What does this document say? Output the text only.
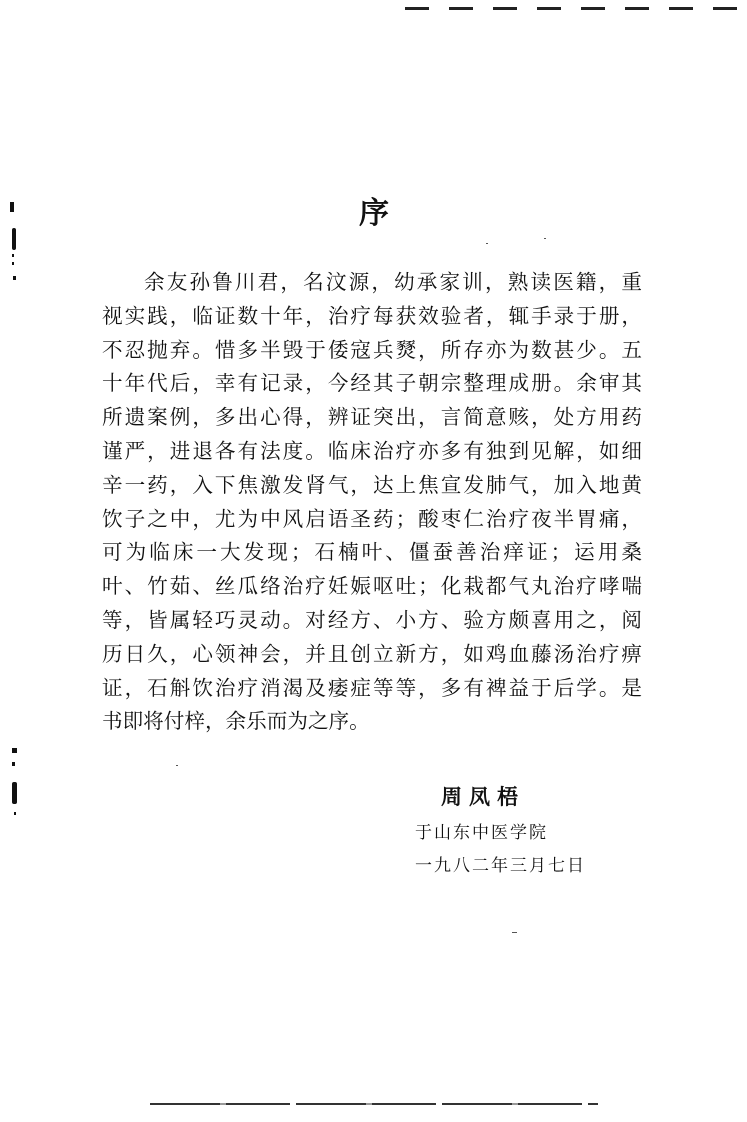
序
余友孙鲁川君，名汶源，幼承家训，熟读医籍，重
视实践，临证数十年，治疗每获效验者，辄手录于册，
不忍抛弃。惜多半毁于倭寇兵燹，所存亦为数甚少。五
十年代后，幸有记录，今经其子朝宗整理成册。余审其
所遗案例，多出心得，辨证突出，言简意赅，处方用药
谨严，进退各有法度。临床治疗亦多有独到见解，如细
辛一药，入下焦激发肾气，达上焦宣发肺气，加入地黄
饮子之中，尤为中风启语圣药；酸枣仁治疗夜半胃痛，
可为临床一大发现；石楠叶、僵蚕善治痒证；运用桑
叶、竹茹、丝瓜络治疗妊娠呕吐；化栽都气丸治疗哮喘
等，皆属轻巧灵动。对经方、小方、验方颇喜用之，阅
历日久，心领神会，并且创立新方，如鸡血藤汤治疗痹
证，石斛饮治疗消渴及痿症等等，多有裨益于后学。是
书即将付梓，余乐而为之序。
周凤梧
于山东中医学院
一九八二年三月七日
